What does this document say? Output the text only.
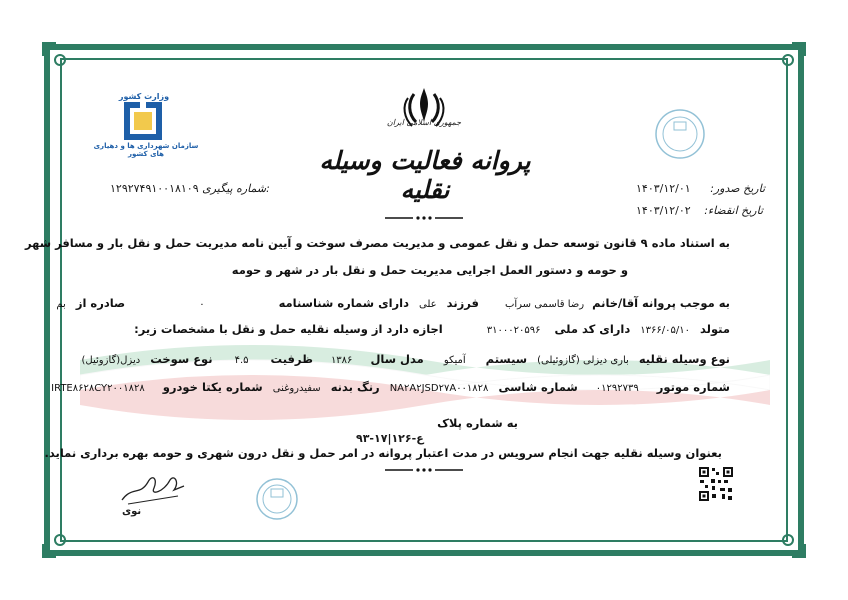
جمهوری اسلامی ایران
پروانه فعالیت وسیله نقلیه
وزارت کشور
سازمان شهرداری ها و دهیاری های کشور
:شماره پیگیری ۱۲۹۲۷۴۹۱۰۰۱۸۱۰۹	تاریخ صدور: ۱۴۰۳/۱۲/۰۱
تاریخ انقضاء: ۱۴۰۳/۱۲/۰۲
به استناد ماده ۹ قانون توسعه حمل و نقل عمومی و مدیریت مصرف سوخت و آیین نامه مدیریت حمل و نقل بار و مسافر شهر
و حومه و دستور العمل اجرایی مدیریت حمل و نقل بار در شهر و حومه
به موجب پروانه آقا/خانم رضا قاسمی سرآب فرزند علی دارای شماره شناسنامه ۰ صادره از بم
متولد ۱۳۶۶/۰۵/۱۰ دارای کد ملی ۳۱۰۰۰۲۰۵۹۶ اجازه دارد از وسیله نقلیه حمل و نقل با مشخصات زیر:
نوع وسیله نقلیه باری دیزلی (گازوئیلی) سیستم آمیکو مدل سال ۱۳۸۶ ظرفیت ۴.۵ نوع سوخت دیزل(گازوئیل)
شماره موتور ۰۱۲۹۲۷۳۹ شماره شاسی NA۲A۲JSD۲۷A۰۰۱۸۲۸ رنگ بدنه سفیدروغنی شماره یکتا خودرو IRTE۸۶۲۸CY۲۰۰۱۸۲۸
به شماره پلاک
۹۳-ع-۱۲۶|۱۷
بعنوان وسیله نقلیه جهت انجام سرویس در مدت اعتبار پروانه در امر حمل و نقل درون شهری و حومه بهره برداری نماید.
نوی
